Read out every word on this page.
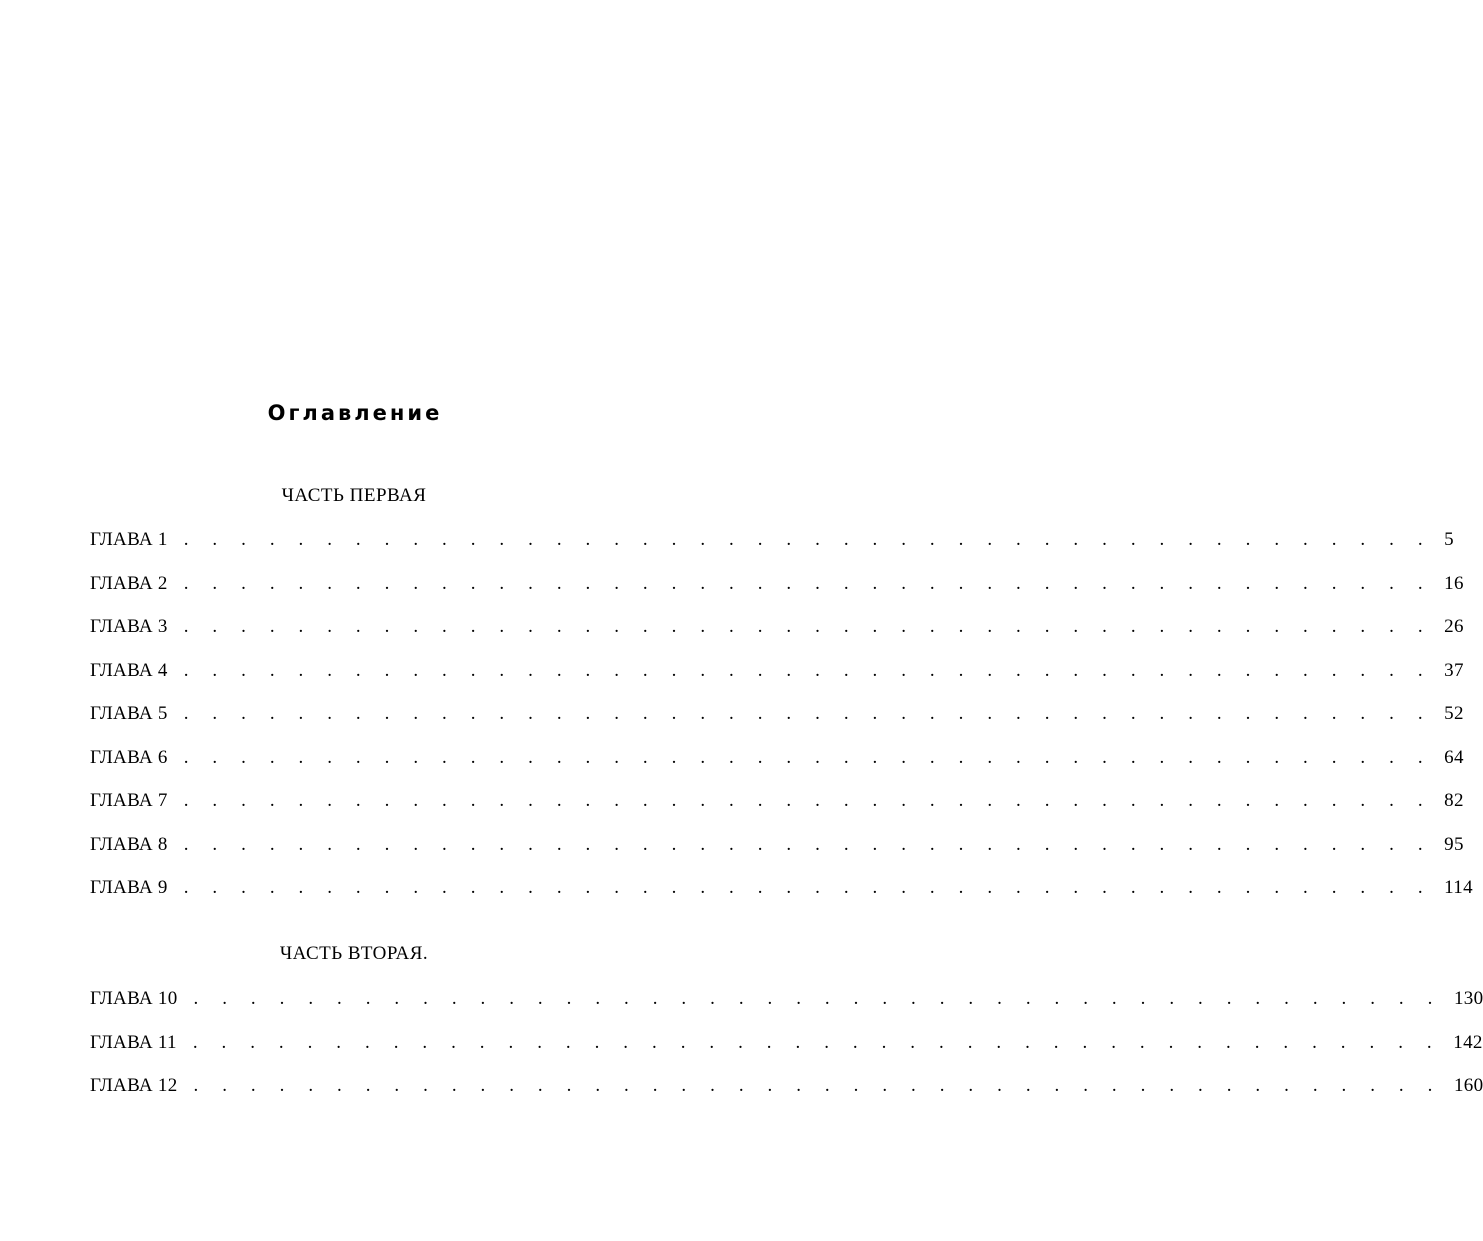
Оглавление
ЧАСТЬ ПЕРВАЯ
ГЛАВА 1 . . . . . . . . . . . . . . . . . . . . . . . . . . . . . . . . . . . . . . . . . . . . 5
ГЛАВА 2 . . . . . . . . . . . . . . . . . . . . . . . . . . . . . . . . . . . . . . . . . . . . 16
ГЛАВА 3 . . . . . . . . . . . . . . . . . . . . . . . . . . . . . . . . . . . . . . . . . . . . 26
ГЛАВА 4 . . . . . . . . . . . . . . . . . . . . . . . . . . . . . . . . . . . . . . . . . . . . 37
ГЛАВА 5 . . . . . . . . . . . . . . . . . . . . . . . . . . . . . . . . . . . . . . . . . . . . 52
ГЛАВА 6 . . . . . . . . . . . . . . . . . . . . . . . . . . . . . . . . . . . . . . . . . . . . 64
ГЛАВА 7 . . . . . . . . . . . . . . . . . . . . . . . . . . . . . . . . . . . . . . . . . . . . 82
ГЛАВА 8 . . . . . . . . . . . . . . . . . . . . . . . . . . . . . . . . . . . . . . . . . . . . 95
ГЛАВА 9 . . . . . . . . . . . . . . . . . . . . . . . . . . . . . . . . . . . . . . . . . . . . 114
ЧАСТЬ ВТОРАЯ.
ГЛАВА 10 . . . . . . . . . . . . . . . . . . . . . . . . . . . . . . . . . . . . . . . . . . . . 130
ГЛАВА 11 . . . . . . . . . . . . . . . . . . . . . . . . . . . . . . . . . . . . . . . . . . . . 142
ГЛАВА 12 . . . . . . . . . . . . . . . . . . . . . . . . . . . . . . . . . . . . . . . . . . . . 160
